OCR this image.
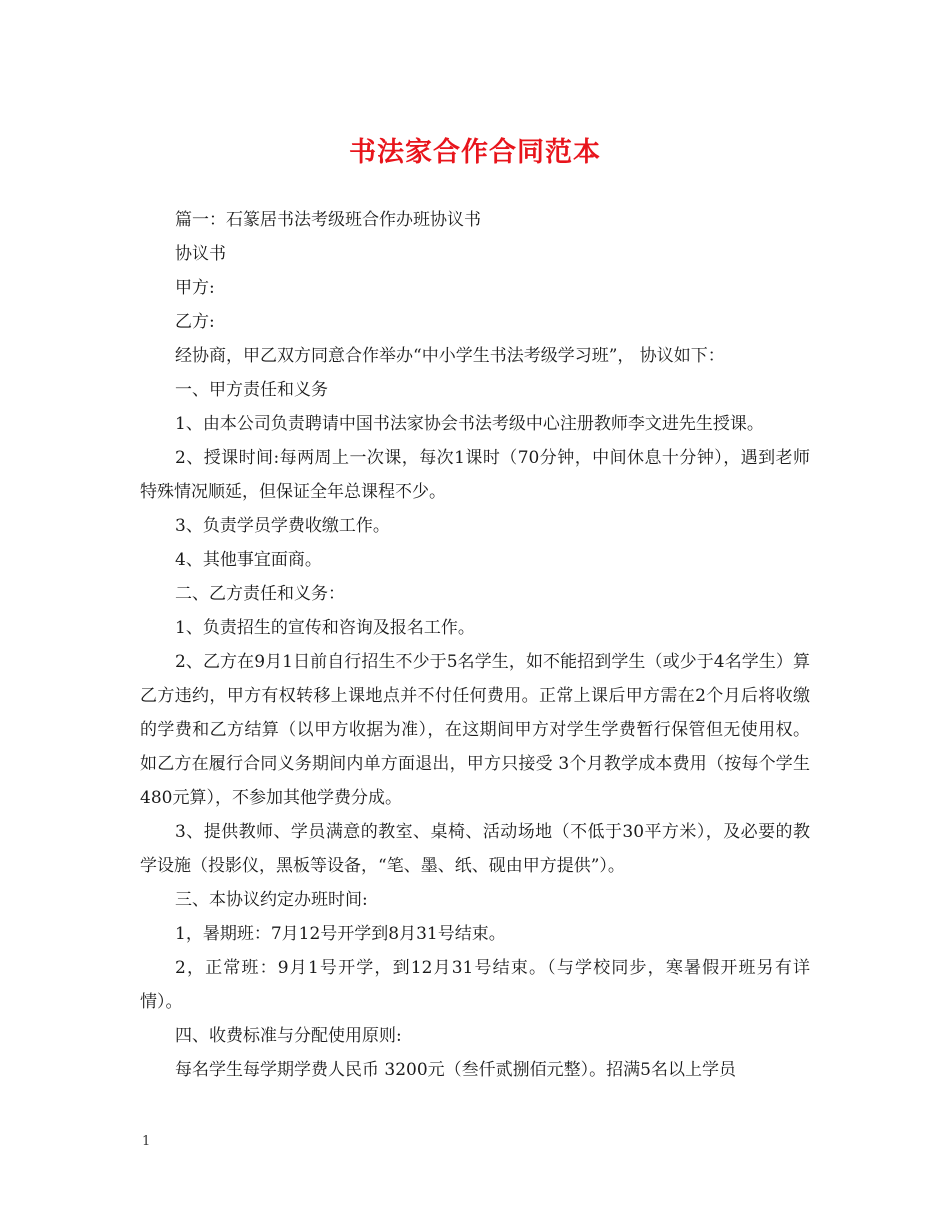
书法家合作合同范本

篇一：石篆居书法考级班合作办班协议书

协议书

甲方:

乙方:

经协商，甲乙双方同意合作举办“中小学生书法考级学习班”， 协议如下：

一、甲方责任和义务

1、由本公司负责聘请中国书法家协会书法考级中心注册教师李文进先生授课。

2、授课时间:每两周上一次课，每次1课时（70分钟，中间休息十分钟），遇到老师特殊情况顺延，但保证全年总课程不少。

3、负责学员学费收缴工作。

4、其他事宜面商。

二、乙方责任和义务：

1、负责招生的宣传和咨询及报名工作。

2、乙方在9月1日前自行招生不少于5名学生，如不能招到学生（或少于4名学生）算乙方违约，甲方有权转移上课地点并不付任何费用。正常上课后甲方需在2个月后将收缴的学费和乙方结算（以甲方收据为准），在这期间甲方对学生学费暂行保管但无使用权。如乙方在履行合同义务期间内单方面退出，甲方只接受 3个月教学成本费用（按每个学生480元算），不参加其他学费分成。

3、提供教师、学员满意的教室、桌椅、活动场地（不低于30平方米），及必要的教学设施（投影仪，黑板等设备，“笔、墨、纸、砚由甲方提供”）。

三、本协议约定办班时间:

1，暑期班：7月12号开学到8月31号结束。

2，正常班：9月1号开学，到12月31号结束。（与学校同步，寒暑假开班另有详情）。

四、收费标准与分配使用原则:

每名学生每学期学费人民币 3200元（叁仟贰捌佰元整）。招满5名以上学员

1
